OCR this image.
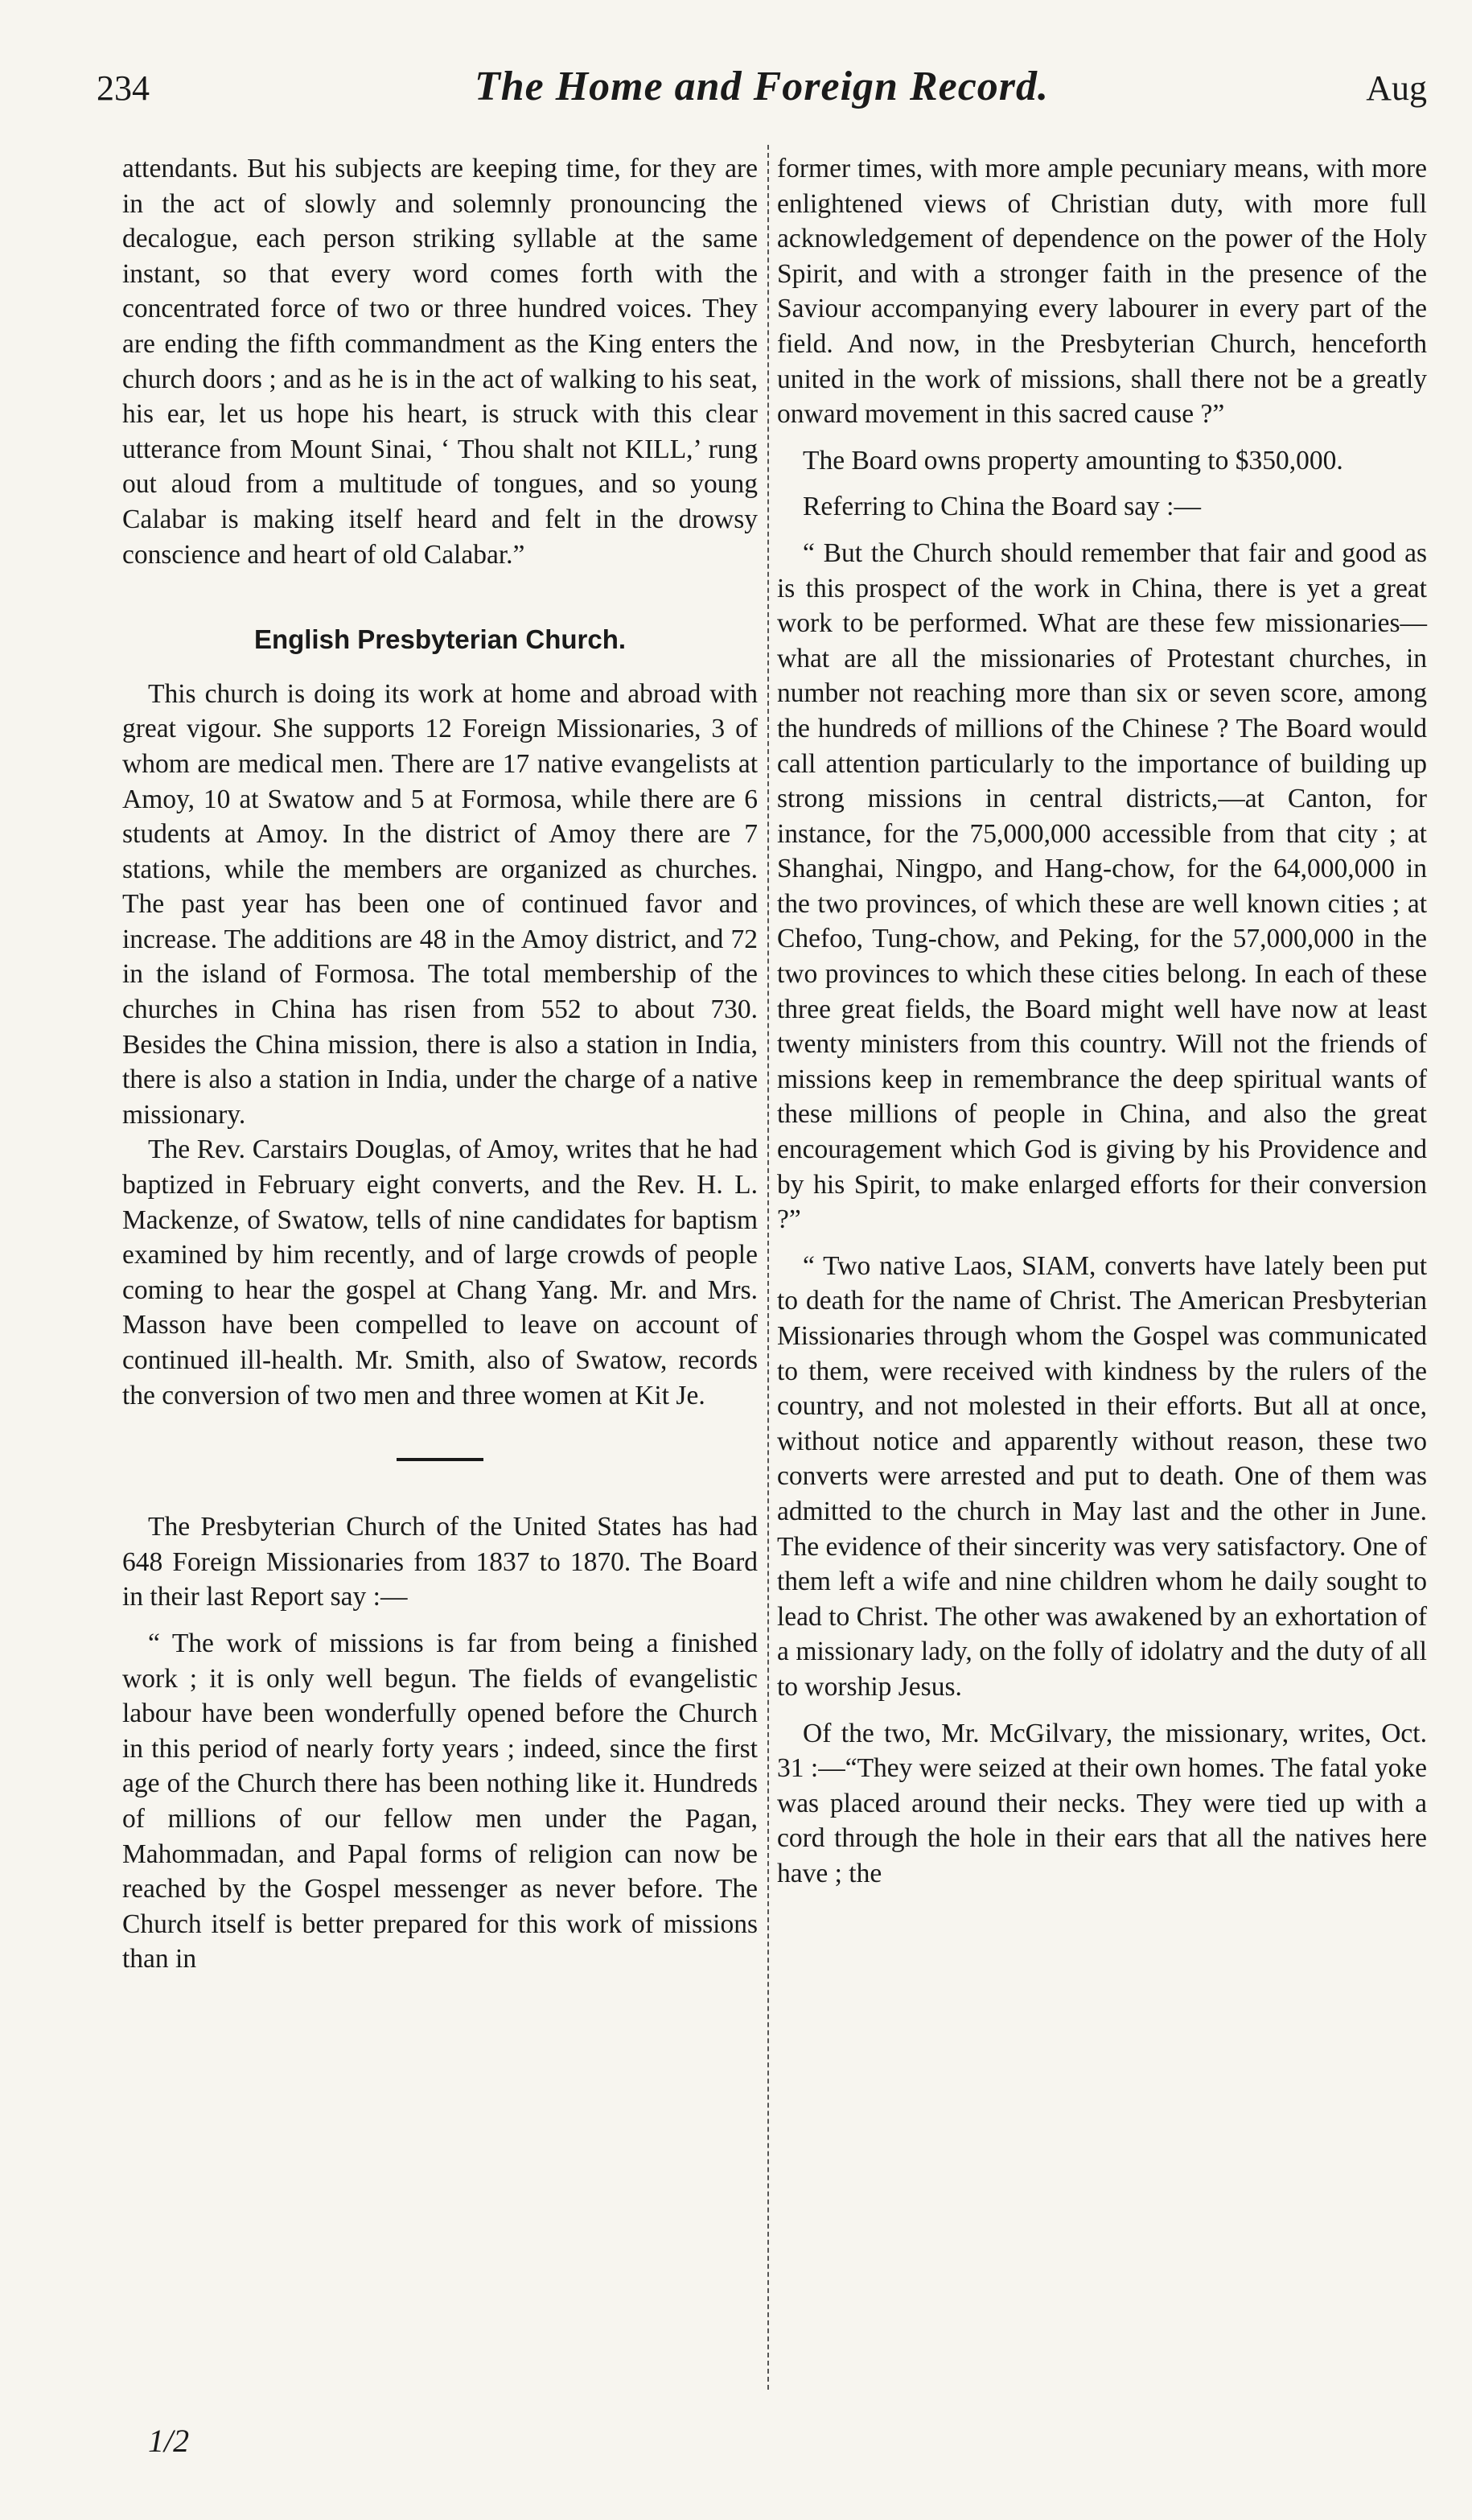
234	The Home and Foreign Record.	Aug

attendants. But his subjects are keeping time, for they are in the act of slowly and solemnly pronouncing the decalogue, each person striking syllable at the same instant, so that every word comes forth with the concentrated force of two or three hundred voices. They are ending the fifth commandment as the King enters the church doors ; and as he is in the act of walking to his seat, his ear, let us hope his heart, is struck with this clear utterance from Mount Sinai, ‘ Thou shalt not KILL,’ rung out aloud from a multitude of tongues, and so young Calabar is making itself heard and felt in the drowsy conscience and heart of old Calabar.”

English Presbyterian Church.

This church is doing its work at home and abroad with great vigour. She supports 12 Foreign Missionaries, 3 of whom are medical men. There are 17 native evangelists at Amoy, 10 at Swatow and 5 at Formosa, while there are 6 students at Amoy. In the district of Amoy there are 7 stations, while the members are organized as churches. The past year has been one of continued favor and increase. The additions are 48 in the Amoy district, and 72 in the island of Formosa. The total membership of the churches in China has risen from 552 to about 730. Besides the China mission, there is also a station in India, there is also a station in India, under the charge of a native missionary.

The Rev. Carstairs Douglas, of Amoy, writes that he had baptized in February eight converts, and the Rev. H. L. Mackenze, of Swatow, tells of nine candidates for baptism examined by him recently, and of large crowds of people coming to hear the gospel at Chang Yang. Mr. and Mrs. Masson have been compelled to leave on account of continued ill-health. Mr. Smith, also of Swatow, records the conversion of two men and three women at Kit Je.

The Presbyterian Church of the United States has had 648 Foreign Missionaries from 1837 to 1870. The Board in their last Report say :—

“ The work of missions is far from being a finished work ; it is only well begun. The fields of evangelistic labour have been wonderfully opened before the Church in this period of nearly forty years ; indeed, since the first age of the Church there has been nothing like it. Hundreds of millions of our fellow men under the Pagan, Mahommadan, and Papal forms of religion can now be reached by the Gospel messenger as never before. The Church itself is better prepared for this work of missions than in

former times, with more ample pecuniary means, with more enlightened views of Christian duty, with more full acknowledgement of dependence on the power of the Holy Spirit, and with a stronger faith in the presence of the Saviour accompanying every labourer in every part of the field. And now, in the Presbyterian Church, henceforth united in the work of missions, shall there not be a greatly onward movement in this sacred cause ?”

The Board owns property amounting to $350,000.

Referring to China the Board say :—

“ But the Church should remember that fair and good as is this prospect of the work in China, there is yet a great work to be performed. What are these few missionaries—what are all the missionaries of Protestant churches, in number not reaching more than six or seven score, among the hundreds of millions of the Chinese ? The Board would call attention particularly to the importance of building up strong missions in central districts,—at Canton, for instance, for the 75,000,000 accessible from that city ; at Shanghai, Ningpo, and Hang-chow, for the 64,000,000 in the two provinces, of which these are well known cities ; at Chefoo, Tung-chow, and Peking, for the 57,000,000 in the two provinces to which these cities belong. In each of these three great fields, the Board might well have now at least twenty ministers from this country. Will not the friends of missions keep in remembrance the deep spiritual wants of these millions of people in China, and also the great encouragement which God is giving by his Providence and by his Spirit, to make enlarged efforts for their conversion ?”

“ Two native Laos, SIAM, converts have lately been put to death for the name of Christ. The American Presbyterian Missionaries through whom the Gospel was communicated to them, were received with kindness by the rulers of the country, and not molested in their efforts. But all at once, without notice and apparently without reason, these two converts were arrested and put to death. One of them was admitted to the church in May last and the other in June. The evidence of their sincerity was very satisfactory. One of them left a wife and nine children whom he daily sought to lead to Christ. The other was awakened by an exhortation of a missionary lady, on the folly of idolatry and the duty of all to worship Jesus.

Of the two, Mr. McGilvary, the missionary, writes, Oct. 31 :—“They were seized at their own homes. The fatal yoke was placed around their necks. They were tied up with a cord through the hole in their ears that all the natives here have ; the

1/2
